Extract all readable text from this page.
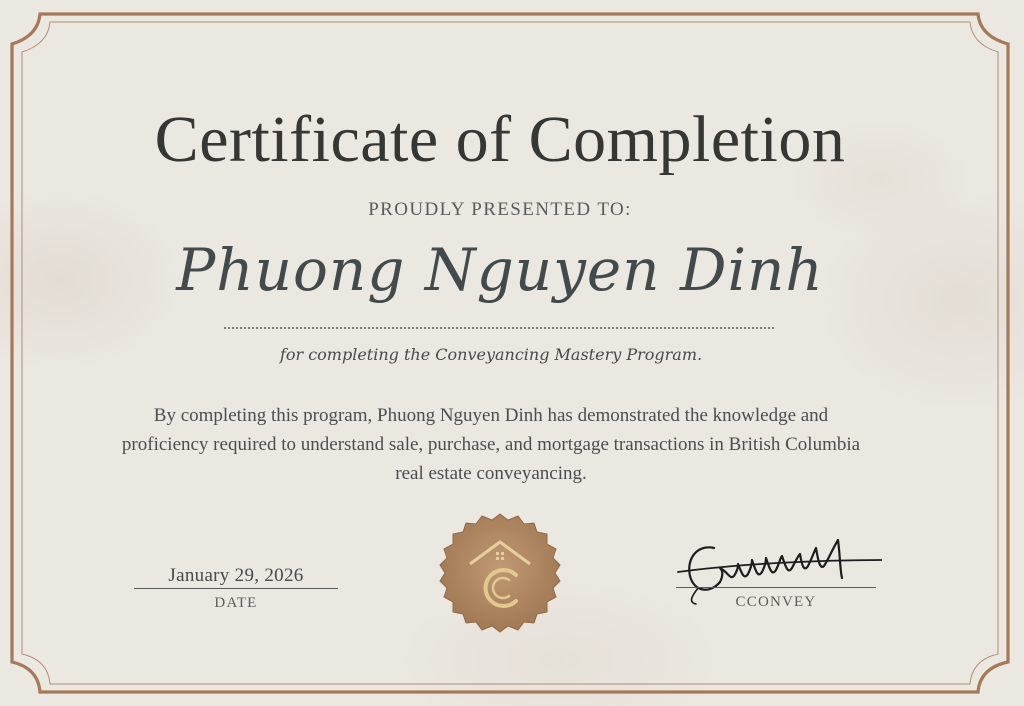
Certificate of Completion
PROUDLY PRESENTED TO:
Phuong Nguyen Dinh
for completing the Conveyancing Mastery Program.
By completing this program, Phuong Nguyen Dinh has demonstrated the knowledge and proficiency required to understand sale, purchase, and mortgage transactions in British Columbia real estate conveyancing.
January 29, 2026
DATE	CCONVEY
